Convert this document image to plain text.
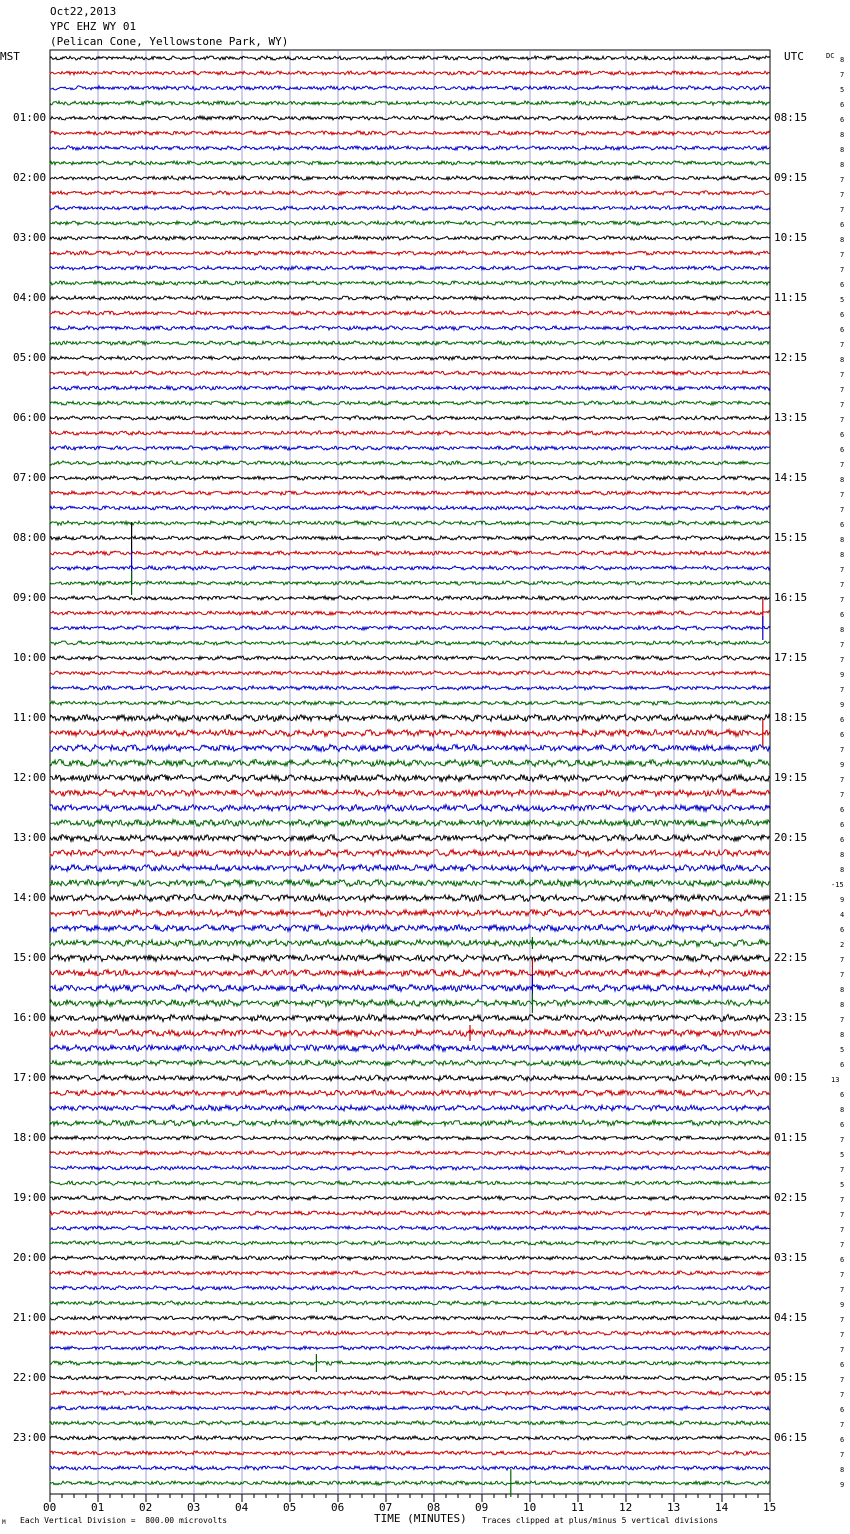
Oct22,2013
YPC EHZ WY 01
(Pelican Cone, Yellowstone Park, WY)
MST	UTC	DC
01:00
02:00
03:00
04:00
05:00
06:00
07:00
08:00
09:00
10:00
11:00
12:00
13:00
14:00
15:00
16:00
17:00
18:00
19:00
20:00
21:00
22:00
23:00
08:15
09:15
10:15
11:15
12:15
13:15
14:15
15:15
16:15
17:15
18:15
19:15
20:15
21:15
22:15
23:15
00:15
01:15
02:15
03:15
04:15
05:15
06:15
8
7
5
6
6
8
8
8
7
7
7
6
8
7
7
6
5
6
6
7
8
7
7
7
7
6
6
7
8
7
7
6
8
8
7
7
7
6
8
7
7
9
7
9
6
6
7
9
7
7
6
6
6
8
8
-15
9
4
6
2
7
7
8
8
7
8
5
6
13
6
8
6
7
5
7
5
7
7
7
7
6
7
7
9
7
7
7
6
7
7
6
7
6
7
8
9
00	01	02	03	04	05	06	07	08	09	10	11	12	13	14	15
TIME (MINUTES)
Each Vertical Division =  800.00 microvolts	Traces clipped at plus/minus 5 vertical divisions
M
